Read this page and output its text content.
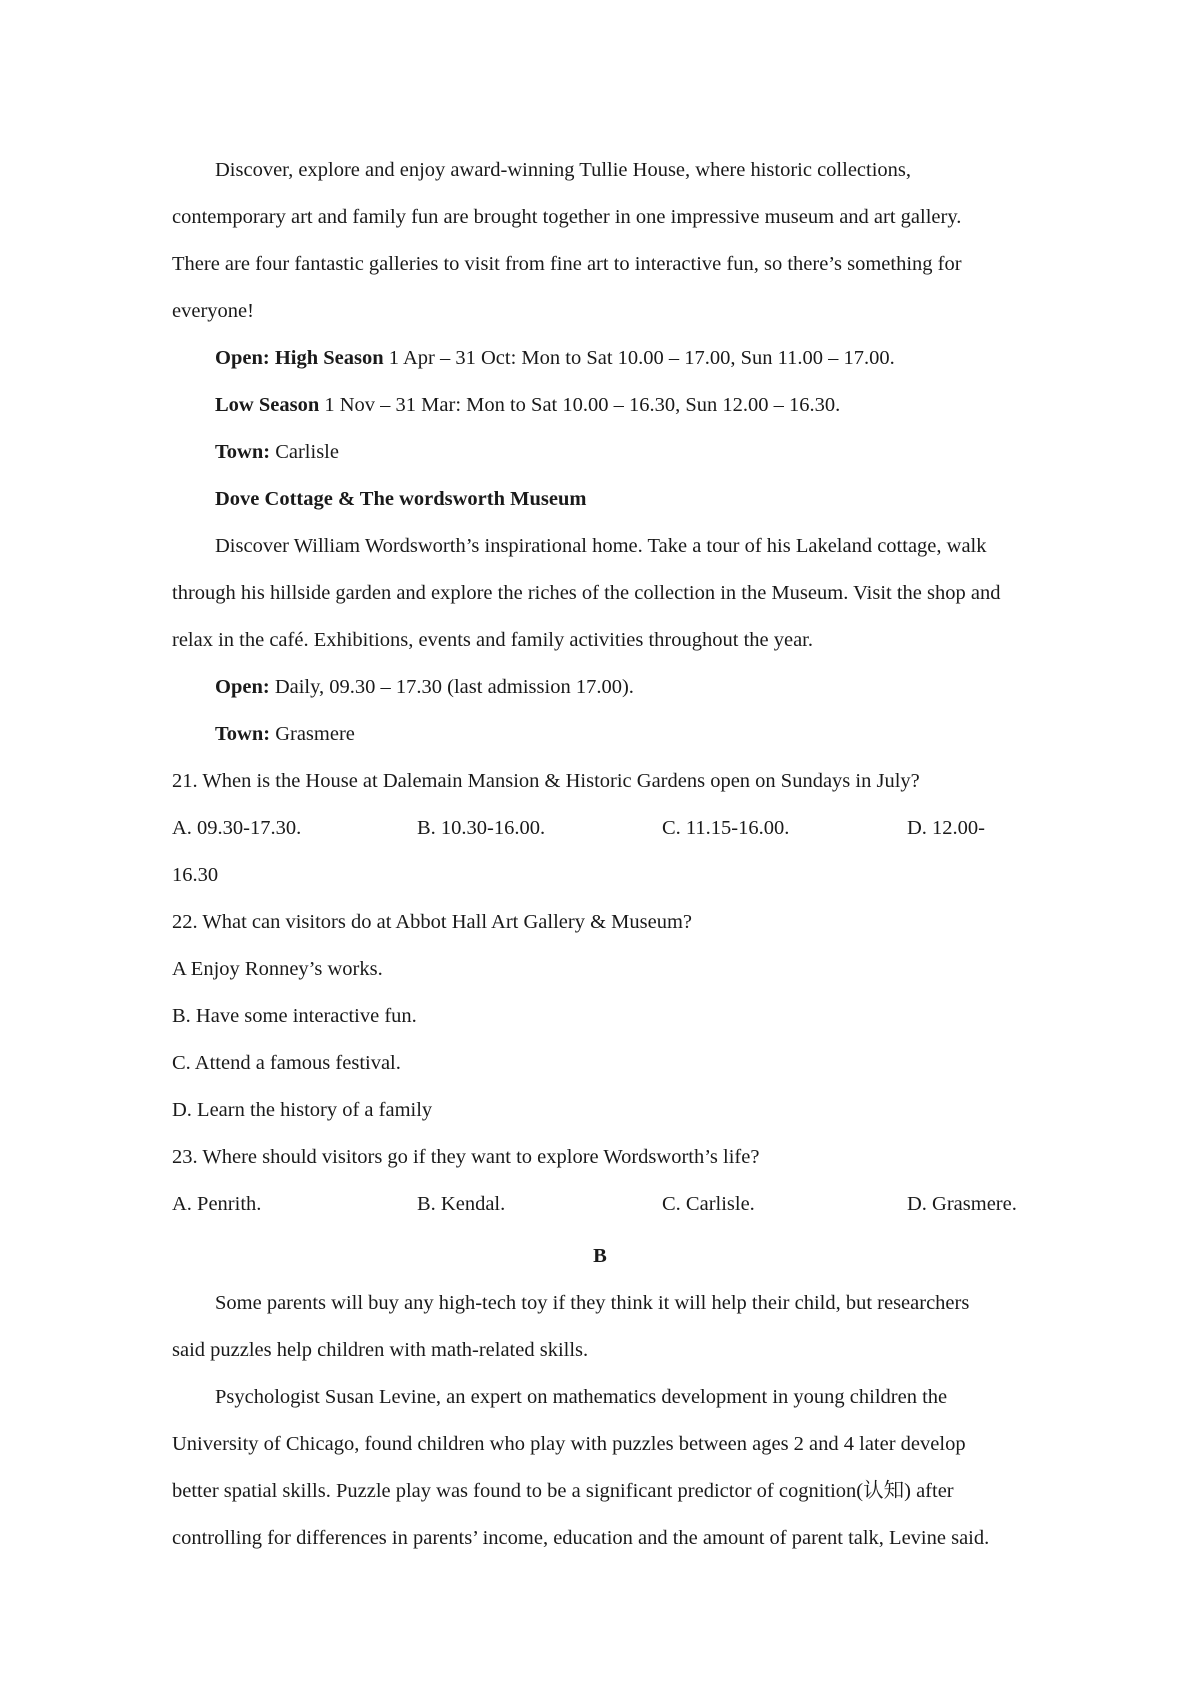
Discover, explore and enjoy award-winning Tullie House, where historic collections,
contemporary art and family fun are brought together in one impressive museum and art gallery.
There are four fantastic galleries to visit from fine art to interactive fun, so there’s something for
everyone!
Open: High Season 1 Apr – 31 Oct: Mon to Sat 10.00 – 17.00, Sun 11.00 – 17.00.
Low Season 1 Nov – 31 Mar: Mon to Sat 10.00 – 16.30, Sun 12.00 – 16.30.
Town: Carlisle
Dove Cottage & The wordsworth Museum
Discover William Wordsworth’s inspirational home. Take a tour of his Lakeland cottage, walk
through his hillside garden and explore the riches of the collection in the Museum. Visit the shop and
relax in the café. Exhibitions, events and family activities throughout the year.
Open: Daily, 09.30 – 17.30 (last admission 17.00).
Town: Grasmere
21. When is the House at Dalemain Mansion & Historic Gardens open on Sundays in July?
A. 09.30-17.30.	B. 10.30-16.00.	C. 11.15-16.00.	D. 12.00-
16.30
22. What can visitors do at Abbot Hall Art Gallery & Museum?
A Enjoy Ronney’s works.
B. Have some interactive fun.
C. Attend a famous festival.
D. Learn the history of a family
23. Where should visitors go if they want to explore Wordsworth’s life?
A. Penrith.	B. Kendal.	C. Carlisle.	D. Grasmere.
B
Some parents will buy any high-tech toy if they think it will help their child, but researchers
said puzzles help children with math-related skills.
Psychologist Susan Levine, an expert on mathematics development in young children the
University of Chicago, found children who play with puzzles between ages 2 and 4 later develop
better spatial skills. Puzzle play was found to be a significant predictor of cognition(认知) after
controlling for differences in parents’ income, education and the amount of parent talk, Levine said.
